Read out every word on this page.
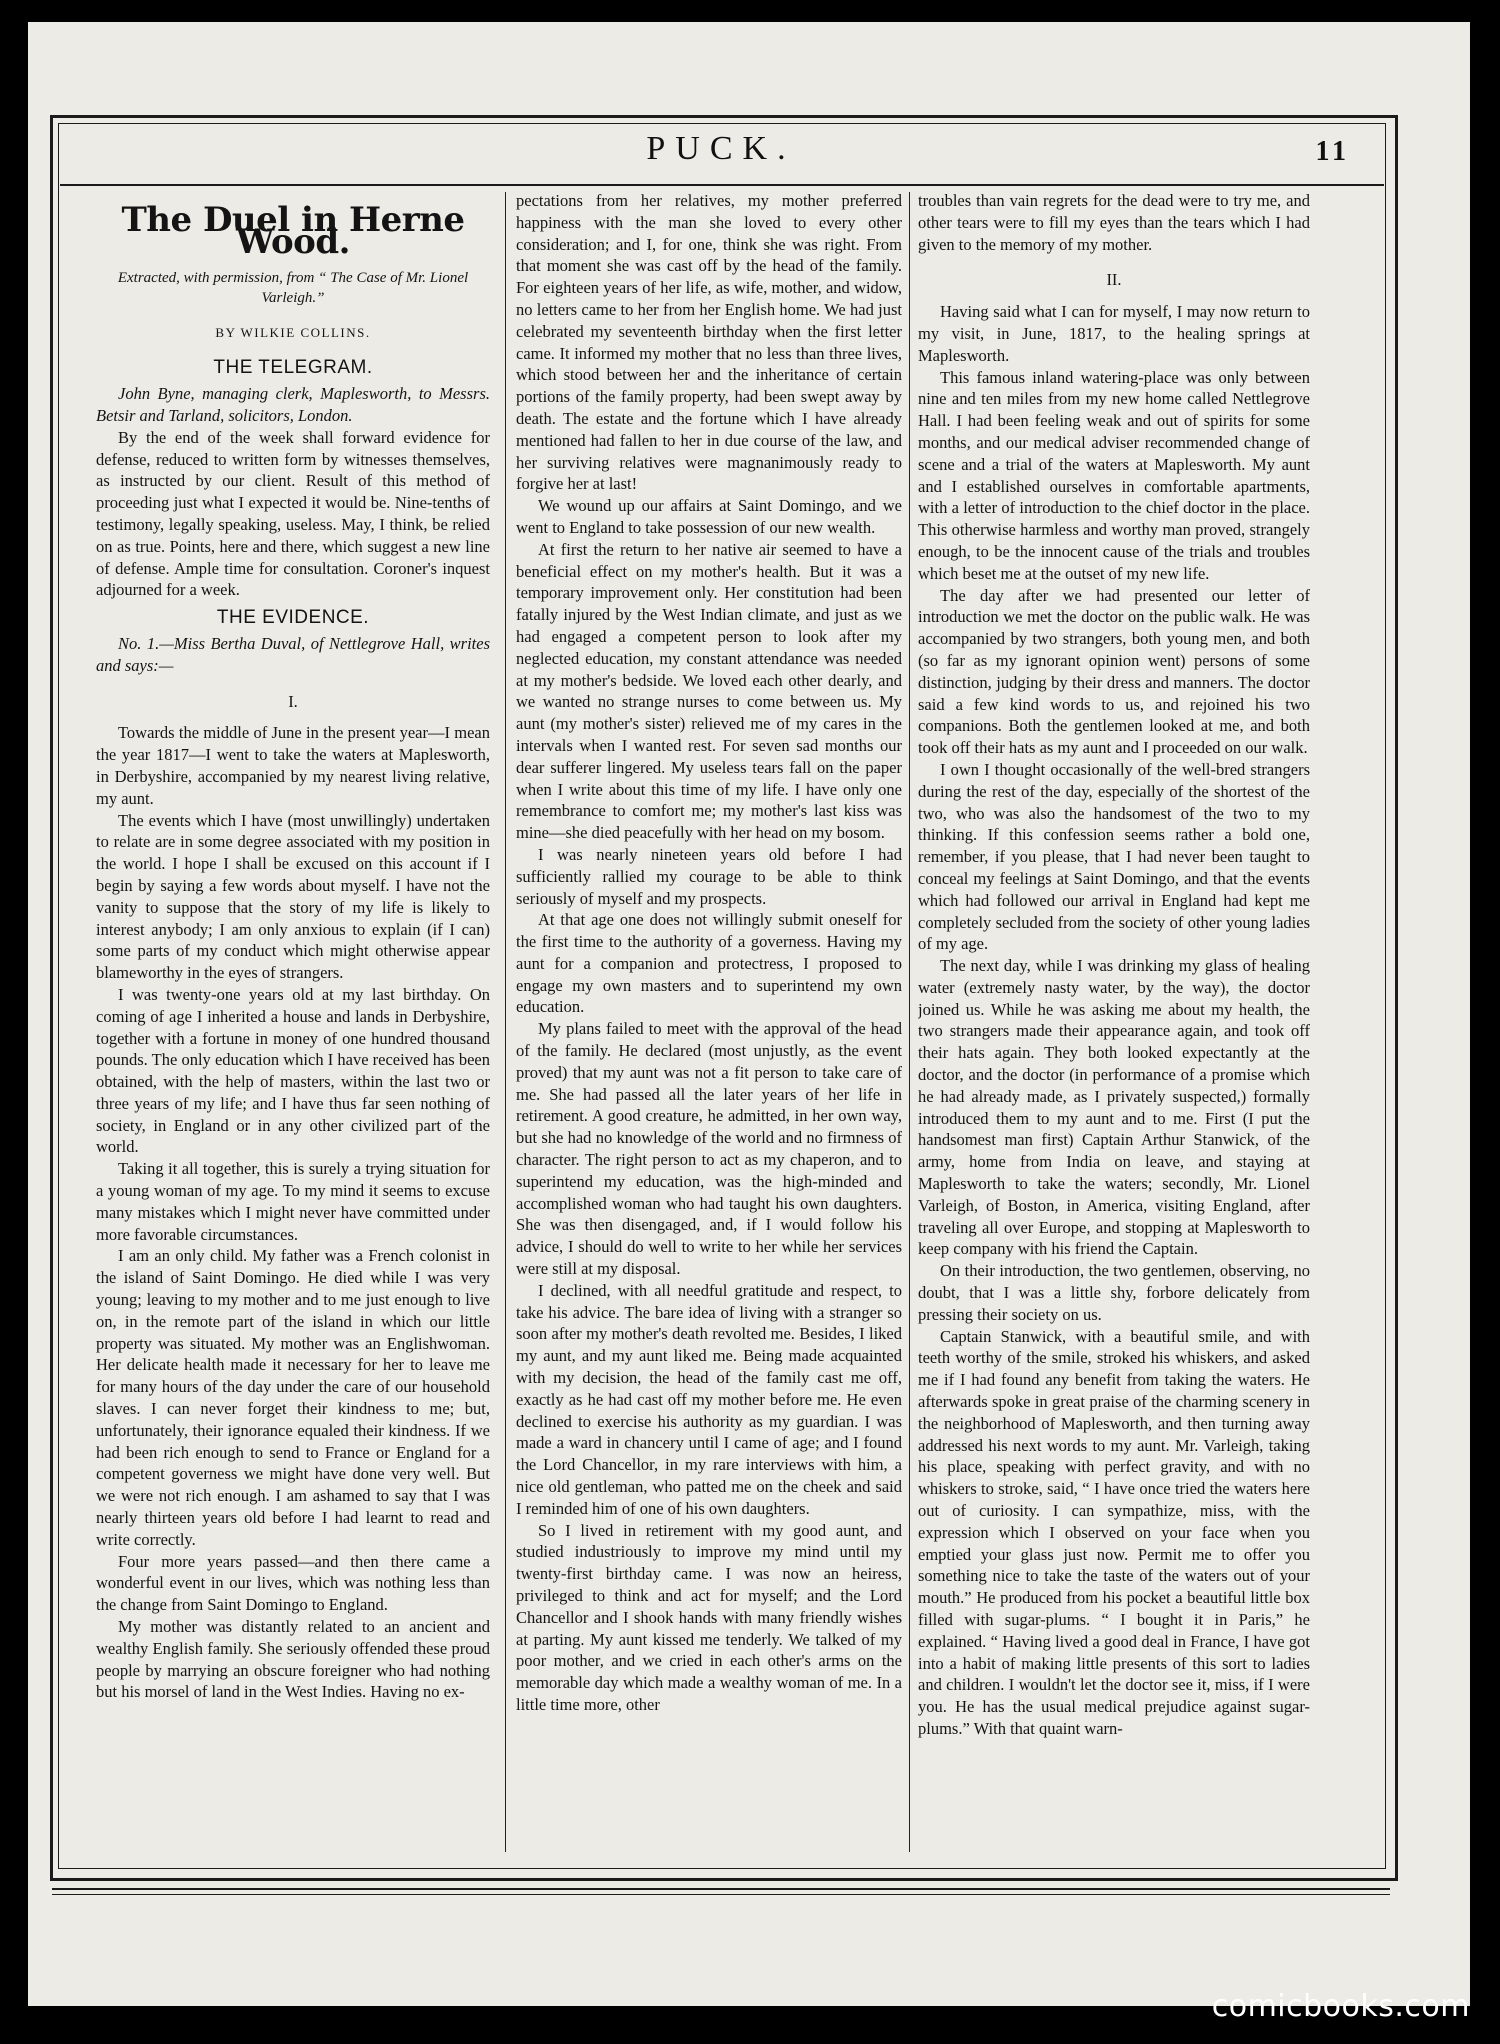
PUCK.	11
The Duel in Herne Wood.
Extracted, with permission, from “ The Case of Mr. Lionel Varleigh.”
BY WILKIE COLLINS.
THE TELEGRAM.

John Byne, managing clerk, Maplesworth, to Messrs. Betsir and Tarland, solicitors, London.

By the end of the week shall forward evidence for defense, reduced to written form by witnesses themselves, as instructed by our client. Result of this method of proceeding just what I expected it would be. Nine-tenths of testimony, legally speaking, useless. May, I think, be relied on as true. Points, here and there, which suggest a new line of defense. Ample time for consultation. Coroner's inquest adjourned for a week.

THE EVIDENCE.

No. 1.—Miss Bertha Duval, of Nettlegrove Hall, writes and says:—

I.

Towards the middle of June in the present year—I mean the year 1817—I went to take the waters at Maplesworth, in Derbyshire, accompanied by my nearest living relative, my aunt.

The events which I have (most unwillingly) undertaken to relate are in some degree associated with my position in the world. I hope I shall be excused on this account if I begin by saying a few words about myself. I have not the vanity to suppose that the story of my life is likely to interest anybody; I am only anxious to explain (if I can) some parts of my conduct which might otherwise appear blameworthy in the eyes of strangers.

I was twenty-one years old at my last birthday. On coming of age I inherited a house and lands in Derbyshire, together with a fortune in money of one hundred thousand pounds. The only education which I have received has been obtained, with the help of masters, within the last two or three years of my life; and I have thus far seen nothing of society, in England or in any other civilized part of the world.

Taking it all together, this is surely a trying situation for a young woman of my age. To my mind it seems to excuse many mistakes which I might never have committed under more favorable circumstances.

I am an only child. My father was a French colonist in the island of Saint Domingo. He died while I was very young; leaving to my mother and to me just enough to live on, in the remote part of the island in which our little property was situated. My mother was an Englishwoman. Her delicate health made it necessary for her to leave me for many hours of the day under the care of our household slaves. I can never forget their kindness to me; but, unfortunately, their ignorance equaled their kindness. If we had been rich enough to send to France or England for a competent governess we might have done very well. But we were not rich enough. I am ashamed to say that I was nearly thirteen years old before I had learnt to read and write correctly.

Four more years passed—and then there came a wonderful event in our lives, which was nothing less than the change from Saint Domingo to England.

My mother was distantly related to an ancient and wealthy English family. She seriously offended these proud people by marrying an obscure foreigner who had nothing but his morsel of land in the West Indies. Having no ex-

pectations from her relatives, my mother preferred happiness with the man she loved to every other consideration; and I, for one, think she was right. From that moment she was cast off by the head of the family. For eighteen years of her life, as wife, mother, and widow, no letters came to her from her English home. We had just celebrated my seventeenth birthday when the first letter came. It informed my mother that no less than three lives, which stood between her and the inheritance of certain portions of the family property, had been swept away by death. The estate and the fortune which I have already mentioned had fallen to her in due course of the law, and her surviving relatives were magnanimously ready to forgive her at last!

We wound up our affairs at Saint Domingo, and we went to England to take possession of our new wealth.

At first the return to her native air seemed to have a beneficial effect on my mother's health. But it was a temporary improvement only. Her constitution had been fatally injured by the West Indian climate, and just as we had engaged a competent person to look after my neglected education, my constant attendance was needed at my mother's bedside. We loved each other dearly, and we wanted no strange nurses to come between us. My aunt (my mother's sister) relieved me of my cares in the intervals when I wanted rest. For seven sad months our dear sufferer lingered. My useless tears fall on the paper when I write about this time of my life. I have only one remembrance to comfort me; my mother's last kiss was mine—she died peacefully with her head on my bosom.

I was nearly nineteen years old before I had sufficiently rallied my courage to be able to think seriously of myself and my prospects.

At that age one does not willingly submit oneself for the first time to the authority of a governess. Having my aunt for a companion and protectress, I proposed to engage my own masters and to superintend my own education.

My plans failed to meet with the approval of the head of the family. He declared (most unjustly, as the event proved) that my aunt was not a fit person to take care of me. She had passed all the later years of her life in retirement. A good creature, he admitted, in her own way, but she had no knowledge of the world and no firmness of character. The right person to act as my chaperon, and to superintend my education, was the high-minded and accomplished woman who had taught his own daughters. She was then disengaged, and, if I would follow his advice, I should do well to write to her while her services were still at my disposal.

I declined, with all needful gratitude and respect, to take his advice. The bare idea of living with a stranger so soon after my mother's death revolted me. Besides, I liked my aunt, and my aunt liked me. Being made acquainted with my decision, the head of the family cast me off, exactly as he had cast off my mother before me. He even declined to exercise his authority as my guardian. I was made a ward in chancery until I came of age; and I found the Lord Chancellor, in my rare interviews with him, a nice old gentleman, who patted me on the cheek and said I reminded him of one of his own daughters.

So I lived in retirement with my good aunt, and studied industriously to improve my mind until my twenty-first birthday came. I was now an heiress, privileged to think and act for myself; and the Lord Chancellor and I shook hands with many friendly wishes at parting. My aunt kissed me tenderly. We talked of my poor mother, and we cried in each other's arms on the memorable day which made a wealthy woman of me. In a little time more, other

troubles than vain regrets for the dead were to try me, and other tears were to fill my eyes than the tears which I had given to the memory of my mother.

II.

Having said what I can for myself, I may now return to my visit, in June, 1817, to the healing springs at Maplesworth.

This famous inland watering-place was only between nine and ten miles from my new home called Nettlegrove Hall. I had been feeling weak and out of spirits for some months, and our medical adviser recommended change of scene and a trial of the waters at Maplesworth. My aunt and I established ourselves in comfortable apartments, with a letter of introduction to the chief doctor in the place. This otherwise harmless and worthy man proved, strangely enough, to be the innocent cause of the trials and troubles which beset me at the outset of my new life.

The day after we had presented our letter of introduction we met the doctor on the public walk. He was accompanied by two strangers, both young men, and both (so far as my ignorant opinion went) persons of some distinction, judging by their dress and manners. The doctor said a few kind words to us, and rejoined his two companions. Both the gentlemen looked at me, and both took off their hats as my aunt and I proceeded on our walk.

I own I thought occasionally of the well-bred strangers during the rest of the day, especially of the shortest of the two, who was also the handsomest of the two to my thinking. If this confession seems rather a bold one, remember, if you please, that I had never been taught to conceal my feelings at Saint Domingo, and that the events which had followed our arrival in England had kept me completely secluded from the society of other young ladies of my age.

The next day, while I was drinking my glass of healing water (extremely nasty water, by the way), the doctor joined us. While he was asking me about my health, the two strangers made their appearance again, and took off their hats again. They both looked expectantly at the doctor, and the doctor (in performance of a promise which he had already made, as I privately suspected,) formally introduced them to my aunt and to me. First (I put the handsomest man first) Captain Arthur Stanwick, of the army, home from India on leave, and staying at Maplesworth to take the waters; secondly, Mr. Lionel Varleigh, of Boston, in America, visiting England, after traveling all over Europe, and stopping at Maplesworth to keep company with his friend the Captain.

On their introduction, the two gentlemen, observing, no doubt, that I was a little shy, forbore delicately from pressing their society on us.

Captain Stanwick, with a beautiful smile, and with teeth worthy of the smile, stroked his whiskers, and asked me if I had found any benefit from taking the waters. He afterwards spoke in great praise of the charming scenery in the neighborhood of Maplesworth, and then turning away addressed his next words to my aunt. Mr. Varleigh, taking his place, speaking with perfect gravity, and with no whiskers to stroke, said, “ I have once tried the waters here out of curiosity. I can sympathize, miss, with the expression which I observed on your face when you emptied your glass just now. Permit me to offer you something nice to take the taste of the waters out of your mouth.” He produced from his pocket a beautiful little box filled with sugar-plums. “ I bought it in Paris,” he explained. “ Having lived a good deal in France, I have got into a habit of making little presents of this sort to ladies and children. I wouldn't let the doctor see it, miss, if I were you. He has the usual medical prejudice against sugar-plums.” With that quaint warn-

comicbooks.com
